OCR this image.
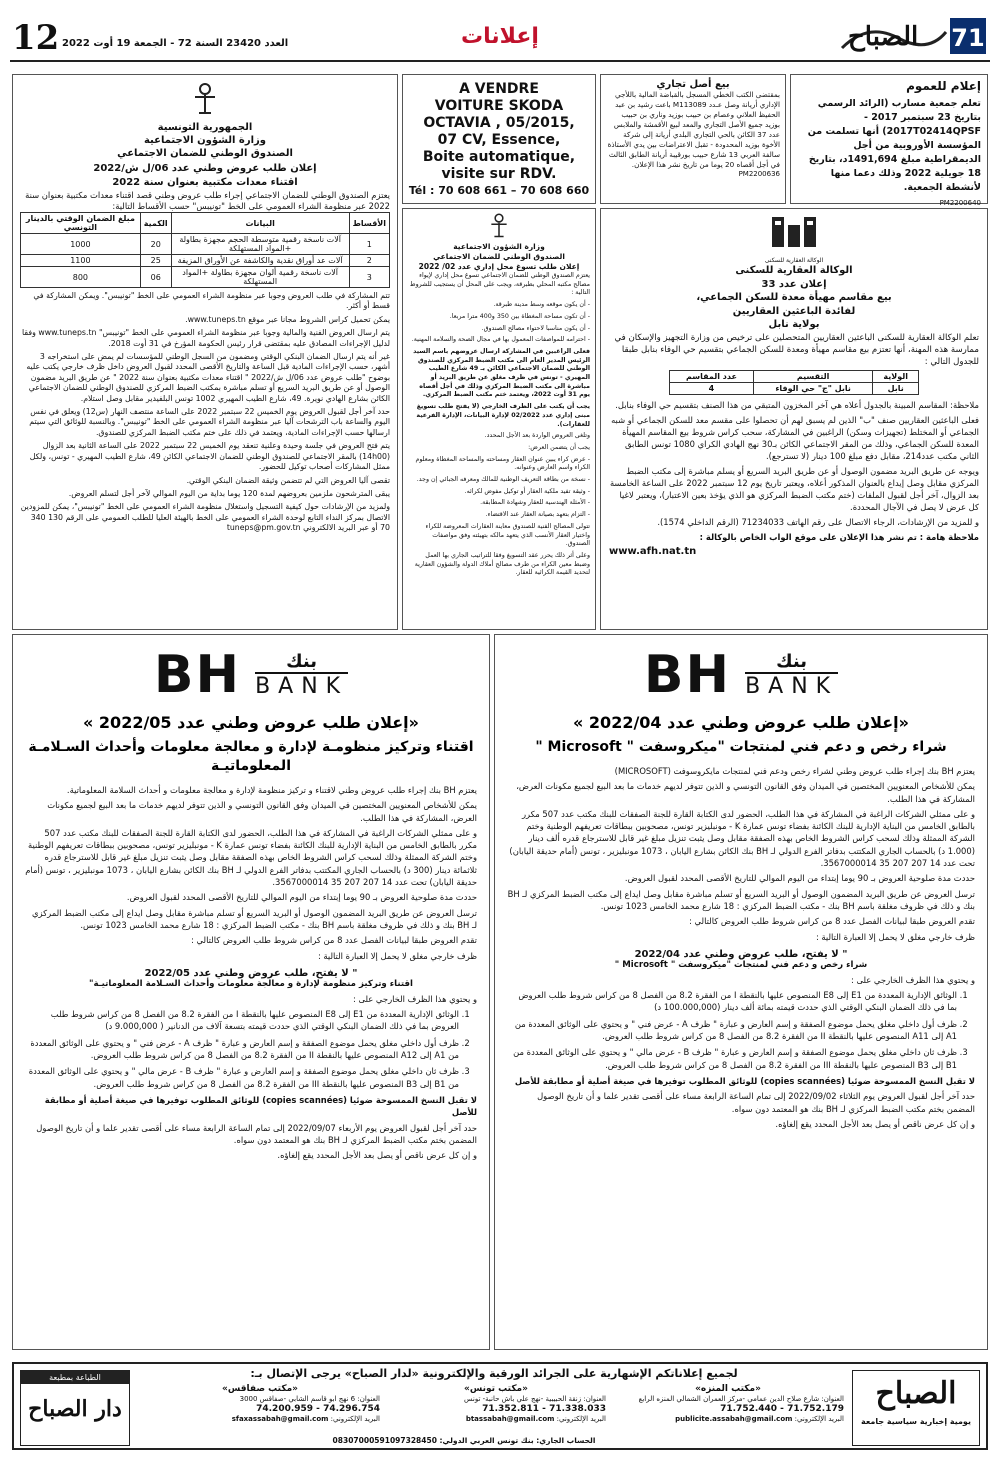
12 العدد 23420 السنة 72 - الجمعة 19 أوت 2022	إعلانات	71
الصباح
إعلام للعموم

تعلم جمعية مسارب (الرائد الرسمي بتاريخ 23 سبتمبر 2017 - 2017T02414QPSF) أنها تسلمت من المؤسسة الأوروبية من أجل الديمقراطية مبلغ 1491,694د، بتاريخ 18 جويلية 2022 وذلك دعما منها لأنشطة الجمعية.

PM2200640
بيع أصل تجاري

بمقتضى الكتب الخطي المسجل بالقباضة المالية باللأجي الإداري أريانة وصل عـدد M113089 باعت رشيد بن عبد الحفيظ العلاني وعصام بن حبيب بوزيد وناري بن حبيب بوزيد جميع الأصل التجاري والمعد لبيع الأقمشة والملابس عدد 37 الكائن بالحي التجاري البلدي أريانة إلى شركة الأخوة بوزيد المحدودة - تقبل الاعتراضات بين يدي الأستاذة سالفة العربي 13 شارع حبيب بورقيبة أريانة الطابق الثالث في أجل أقصاه 20 يوما من تاريخ نشر هذا الإعلان.

PM2200636
A VENDRE
VOITURE SKODA
OCTAVIA , 05/2015,
07 CV, Essence,
Boite automatique,
visite sur RDV.
Tél : 70 608 661 – 70 608 660
الجمهورية التونسية
وزارة الشؤون الاجتماعية
الصندوق الوطني للضمان الاجتماعي
إعلان طلب عروض وطني عدد 06/ل ش/2022
اقتناء معدات مكتبية بعنوان سنة 2022

يعتزم الصندوق الوطني للضمان الاجتماعي إجراء طلب عروض وطني قصد اقتناء معدات مكتبية بعنوان سنة 2022 عبر منظومة الشراء العمومي على الخط "تونيبس" حسب الأقساط التالية:

الأقساط	البيانات	الكمية	مبلغ الضمان الوقتي بالدينار التونسي
1	آلات ناسخة رقمية متوسطة الحجم مجهزة بطاولة +المواد المستهلكة	20	1000
2	آلات عد أوراق نقدية والكاشفة عن الأوراق المزيفة	25	1100
3	آلات ناسخة رقمية ألوان مجهزة بطاولة +المواد المستهلكة	06	800

تتم المشاركة في طلب العروض وجوبا عبر منظومة الشراء العمومي على الخط "تونيبس". ويمكن المشاركة في قسط أو أكثر.

يمكن تحميل كراس الشروط مجانا عبر موقع www.tuneps.tn.

يتم ارسال العروض الفنية والمالية وجوبا عبر منظومة الشراء العمومي على الخط "تونيبس" www.tuneps.tn وفقا لدليل الإجراءات المصادق عليه بمقتضى قرار رئيس الحكومة المؤرخ في 31 أوت 2018.

غير أنه يتم ارسال الضمان البنكي الوقتي ومضمون من السجل الوطني للمؤسسات لم يمض على استخراجه 3 أشهر، حسب الإجراءات المادية قبل الساعة والتاريخ الأقصى المحدد لقبول العروض داخل ظرف خارجي يكتب عليه بوضوح "طلب عروض عدد 06/ل ش/2022 " اقتناء معدات مكتبية بعنوان سنة 2022 " عن طريق البريد مضمون الوصول أو عن طريق البريد السريع أو تسلم مباشرة بمكتب الضبط المركزي للصندوق الوطني للضمان الاجتماعي الكائن بشارع الهادي نويرة. 49، شارع الطيب المهيري 1002 تونس البلفيدير مقابل وصل استلام.

حدد آخر أجل لقبول العروض يوم الخميس 22 سبتمبر 2022 على الساعة منتصف النهار (س12) ويعلق في نفس اليوم والساعة باب الترشحات آليا عبر منظومة الشراء العمومي على الخط "تونيبس". وبالنسبة للوثائق التي سيتم ارسالها حسب الإجراءات المادية، ويعتمد في ذلك على ختم مكتب الضبط المركزي للصندوق.

يتم فتح العروض في جلسة وحيدة وعلنية تنعقد يوم الخميس 22 سبتمبر 2022 على الساعة الثانية بعد الزوال (14h00) بالمقر الاجتماعي للصندوق الوطني للضمان الاجتماعي الكائن 49، شارع الطيب المهيري - تونس، ولكل ممثل المشاركات أصحاب توكيل للحضور.

تقصى آليا العروض التي لم تتضمن وثيقة الضمان البنكي الوقتي.

يبقى المترشحون ملزمين بعروضهم لمدة 120 يوما بداية من اليوم الموالي لآخر أجل لتسلم العروض.

ولمزيد من الإرشادات حول كيفية التسجيل واستغلال منظومة الشراء العمومي على الخط "تونيبس"، يمكن للمزودين الاتصال بمركز النداء التابع لوحدة الشراء العمومي على الخط بالهيئة العليا للطلب العمومي على الرقم 130 340 70 أو عبر البريد الالكتروني tuneps@pm.gov.tn

وزارة الشؤون الاجتماعية
الصندوق الوطني للضمان الاجتماعي
إعلان طلب تسوغ محل إداري عدد 02/ 2022

يعتزم الصندوق الوطني للضمان الاجتماعي تسوغ محل إداري لإيواء مصالح مكتبه المحلي بطبرقة، ويجب على المحل أن يستجيب للشروط التالية :

- أن يكون موقعه وسط مدينة طبرقة.

- أن تكون مساحة المغطاة بين 350 و400 مترا مربعا.

- أن يكون مناسبا لاحتواء مصالح الصندوق.

- احترامه للمواصفات المعمول بها في مجال الصحة والسلامة المهنية.

فعلى الراغبين في المشاركة ارسال عروضهم باسم السيد الرئيس المدير العام الى مكتب الضبط المركزي للصندوق الوطني للضمان الاجتماعي الكائن بـ 49 شارع الطيب المهيري - تونس في ظرف مغلق عن طريق البريد أو مباشرة الى مكتب الضبط المركزي وذلك في أجل أقصاه يوم 31 أوت 2022، ويعتمد ختم مكتب الضبط المركزي.

يجب أن يكتب على الظرف الخارجي (لا يفتح طلب تسويغ مبنى إداري عدد 02/2022 لإدارة البيانات، الإدارة الفرعية للعقارات).

وتلغى العروض الواردة بعد الأجل المحدد.

يجب أن يتضمن العرض:

- عرض كراء يبين عنوان العقار ومساحته والمساحة المغطاة ومعلوم الكراء واسم العارض وعنوانه.

- نسخة من بطاقة التعريف الوطنية للمالك ومعرفه الجبائي إن وجد.

- وثيقة تفيد ملكية العقار أو توكيل مفوض لكرائه.

- الأمثلة الهندسية للعقار وشهادة المطابقة.

- التزام بتعهد بصيانة العقار عند الاقتضاء.

تتولى المصالح الفنية للصندوق معاينة العقارات المعروضة للكراء واختيار العقار الأنسب الذي يتعهد مالكه بتهيئته وفق مواصفات الصندوق.

وعلى أثر ذلك يحرر عقد التسويغ وفقا للتراتيب الجاري بها العمل وضبط معين الكراء من طرف مصالح أملاك الدولة والشؤون العقارية لتحديد القيمة الكرائية للعقار.

الوكالة العقارية للسكنى
الوكالة العقارية للسكنى
إعلان عدد 33
بيع مقاسم مهيأة معدة للسكن الجماعي،
لفائدة الباعثين العقاريين
بولاية نابل

تعلم الوكالة العقارية للسكنى الباعثين العقاريين المتحصلين على ترخيص من وزارة التجهيز والإسكان في ممارسة هذه المهنة، أنها تعتزم بيع مقاسم مهيأة ومعدة للسكن الجماعي بتقسيم حي الوفاء بنابل طبقا للجدول التالي :

الولاية	التقسيم	عدد المقاسم
نابل	نابل "ج" حي الوفاء	4

ملاحظة: المقاسم المبينة بالجدول أعلاه هي آخر المخزون المتبقي من هذا الصنف بتقسيم حي الوفاء بنابل.

فعلى الباعثين العقاريين صنف "ب" الذين لم يسبق لهم أن تحصلوا على مقسم معد للسكن الجماعي أو شبه الجماعي أو المختلط (تجهيزات وسكن) الراغبين في المشاركة، سحب كراس شروط بيع المقاسم المهيأة المعدة للسكن الجماعي، وذلك من المقر الاجتماعي الكائن بـ30 نهج الهادي الكراي 1080 تونس الطابق الثاني مكتب عدد214، مقابل دفع مبلغ 100 دينار (لا تسترجع).

ويوجه عن طريق البريد مضمون الوصول أو عن طريق البريد السريع أو يسلم مباشرة إلى مكتب الضبط المركزي مقابل وصل إيداع بالعنوان المذكور أعلاه، ويعتبر تاريخ يوم 12 سبتمبر 2022 على الساعة الخامسة بعد الزوال، آخر أجل لقبول الملفات (ختم مكتب الضبط المركزي هو الذي يؤخذ بعين الاعتبار)، ويعتبر لاغيا كل عرض لا يصل في الآجال المحددة.

و للمزيد من الإرشادات، الرجاء الاتصال على رقم الهاتف 71234033 (الرقم الداخلي 1574).

ملاحظة هامة : تم نشر هذا الإعلان على موقع الواب الخاص بالوكالة :

www.afh.nat.tn
BH	بنك
BANK
«إعلان طلب عروض وطني عدد 2022/05 »
اقتناء وتركيز منظومـة لإدارة و معالجة معلومات وأحداث السـلامـة المعلوماتيـة

يعتزم BH بنك إجراء طلب عروض وطني لاقتناء و تركيز منظومة لإدارة و معالجة معلومات و أحداث السلامة المعلوماتية.

يمكن للأشخاص المعنويين المختصين في الميدان وفق القانون التونسي و الذين تتوفر لديهم خدمات ما بعد البيع لجميع مكونات العرض، المشاركة في هذا الطلب.

و على ممثلي الشركات الراغبة في المشاركة في هذا الطلب، الحضور لدى الكتابة القارة للجنة الصفقات للبنك مكتب عدد 507 مكرر بالطابق الخامس من البناية الإدارية للبنك الكائنة بفضاء تونس عمارة K - مونبليزير تونس، مصحوبين ببطاقات تعريفهم الوطنية وختم الشركة الممثلة وذلك لسحب كراس الشروط الخاص بهذه الصفقة مقابل وصل يثبت تنزيل مبلغ غير قابل للاسترجاع قدره ثلاثمائة دينار (300 د) بالحساب الجاري المكتتب بدفاتر الفرع الدولي لـ BH بنك الكائن بشارع اليابان ، 1073 مونبليزير ، تونس (أمام حديقة اليابان) تحت عدد 14 207 207 35 3567000014.

حددت مدة صلوحية العروض بـ 90 يوما إبتداء من اليوم الموالي للتاريخ الأقصى المحدد لقبول العروض.

ترسل العروض عن طريق البريد المضمون الوصول أو البريد السريع أو تسلم مباشرة مقابل وصل ايداع إلى مكتب الضبط المركزي لـ BH بنك و ذلك في ظروف مغلقة باسم BH بنك - مكتب الضبط المركزي : 18 شارع محمد الخامس 1023 تونس.

تقدم العروض طبقا لبيانات الفصل عدد 8 من كراس شروط طلب العروض كالتالي :

ظرف خارجي مغلق لا يحمل إلا العبارة التالية :

" لا يفتح، طلب عروض وطني عدد 2022/05
اقتناء وتركيز منظومة لإدارة و معالجة معلومات وأحداث السـلامة المعلوماتيـة"

و يحتوي هذا الظرف الخارجي على :

1. الوثائق الإدارية المعددة من E1 إلى E8 المنصوص عليها بالنقطة I من الفقرة 8.2 من الفصل 8 من كراس شروط طلب العروض بما في ذلك الضمان البنكي الوقتي الذي حددت قيمته بتسعة آلاف من الدنانير ( 9.000,000 د)
2. ظرف أول داخلي مغلق يحمل موضوع الصفقة و إسم العارض و عبارة " ظرف A - عرض فني " و يحتوي على الوثائق المعددة من A1 إلى A12 المنصوص عليها بالنقطة II من الفقرة 8.2 من الفصل 8 من كراس شروط طلب العروض.
3. ظرف ثان داخلي مغلق يحمل موضوع الصفقة و إسم العارض و عبارة " ظرف B - عرض مالي " و يحتوي على الوثائق المعددة من B1 إلى B3 المنصوص عليها بالنقطة III من الفقرة 8.2 من الفصل 8 من كراس شروط طلب العروض.

لا تقبل النسخ الممسوحة ضوئيا (copies scannées) للوثائق المطلوب توفيرها في صيغة أصلية أو مطابقة للأصل

حدد آخر أجل لقبول العروض يوم الأربعاء 2022/09/07 إلى تمام الساعة الرابعة مساء على أقصى تقدير علما و أن تاريخ الوصول المضمن بختم مكتب الضبط المركزي لـ BH بنك هو المعتمد دون سواه.

و إن كل عرض ناقص أو يصل بعد الأجل المحدد يقع إلغاؤه.

BH	بنك
BANK
«إعلان طلب عروض وطني عدد 2022/04 »
شراء رخص و دعم فني لمنتجات "ميكروسفت " Microsoft "

يعتزم BH بنك إجراء طلب عروض وطني لشراء رخص ودعم فني لمنتجات مايكروسوفت (MICROSOFT)

يمكن للأشخاص المعنويين المختصين في الميدان وفق القانون التونسي و الذين تتوفر لديهم خدمات ما بعد البيع لجميع مكونات العرض، المشاركة في هذا الطلب.

و على ممثلي الشركات الراغبة في المشاركة في هذا الطلب، الحضور لدى الكتابة القارة للجنة الصفقات للبنك مكتب عدد 507 مكرر بالطابق الخامس من البناية الإدارية للبنك الكائنة بفضاء تونس عمارة K - مونبليزير تونس، مصحوبين ببطاقات تعريفهم الوطنية وختم الشركة الممثلة وذلك لسحب كراس الشروط الخاص بهذه الصفقة مقابل وصل يثبت تنزيل مبلغ غير قابل للاسترجاع قدره ألف دينار (1.000 د) بالحساب الجاري المكتتب بدفاتر الفرع الدولي لـ BH بنك الكائن بشارع اليابان ، 1073 مونبليزير ، تونس (أمام حديقة اليابان) تحت عدد 14 207 207 35 3567000014.

حددت مدة صلوحية العروض بـ 90 يوما إبتداء من اليوم الموالي للتاريخ الأقصى المحدد لقبول العروض.

ترسل العروض عن طريق البريد المضمون الوصول أو البريد السريع أو تسلم مباشرة مقابل وصل ايداع إلى مكتب الضبط المركزي لـ BH بنك و ذلك في ظروف مغلقة باسم BH بنك - مكتب الضبط المركزي : 18 شارع محمد الخامس 1023 تونس.

تقدم العروض طبقا لبيانات الفصل عدد 8 من كراس شروط طلب العروض كالتالي :

ظرف خارجي مغلق لا يحمل إلا العبارة التالية :

" لا يفتح، طلب عروض وطني عدد 2022/04
شراء رخص و دعم فني لمنتجات "ميكروسفت " Microsoft "

و يحتوي هذا الظرف الخارجي على :

1. الوثائق الإدارية المعددة من E1 إلى E8 المنصوص عليها بالنقطة I من الفقرة 8.2 من الفصل 8 من كراس شروط طلب العروض بما في ذلك الضمان البنكي الوقتي الذي حددت قيمته بمائة ألف دينار (100.000,000 د)
2. ظرف أول داخلي مغلق يحمل موضوع الصفقة و إسم العارض و عبارة " ظرف A - عرض فني " و يحتوي على الوثائق المعددة من A1 إلى A11 المنصوص عليها بالنقطة II من الفقرة 8.2 من الفصل 8 من كراس شروط طلب العروض.
3. ظرف ثان داخلي مغلق يحمل موضوع الصفقة و إسم العارض و عبارة " ظرف B - عرض مالي " و يحتوي على الوثائق المعددة من B1 إلى B3 المنصوص عليها بالنقطة III من الفقرة 8.2 من الفصل 8 من كراس شروط طلب العروض.

لا تقبل النسخ الممسوحة ضوئيا (copies scannées) للوثائق المطلوب توفيرها في صيغة أصلية أو مطابقة للأصل

حدد آخر أجل لقبول العروض يوم الثلاثاء 2022/09/02 إلى تمام الساعة الرابعة مساء على أقصى تقدير علما و أن تاريخ الوصول المضمن بختم مكتب الضبط المركزي لـ BH بنك هو المعتمد دون سواه.

و إن كل عرض ناقص أو يصل بعد الأجل المحدد يقع إلغاؤه.

لجميع إعلاناتكم الإشهارية على الجرائد الورقية والإلكترونية «لدار الصباح» يرجى الإتصال بـ:
الصباح
يومية إخبارية سياسية جامعة
«مكتب المنزه»
العنوان: شارع صلاح الدين عمامي -مركز العمران الشمالي المنزه الرابع
71.752.179 - 71.752.440
البريد الإلكتروني: publicite.assabah@gmail.com
«مكتب تونس»
العنوان: زنقة الحبيبية -نهج علي باش حانبة- تونس
71.338.033 - 71.352.811
البريد الإلكتروني: btassabah@gmail.com
«مكتب صفاقس»
العنوان: 6 نهج ابو قاسم الشابي -صفاقس 3000
74.296.754 - 74.200.959
البريد الإلكتروني: sfaxassabah@gmail.com
الحساب الجاري: بنك تونس العربي الدولي: 08307000591097328450
الطباعة بمطبعة
دار الصباح
